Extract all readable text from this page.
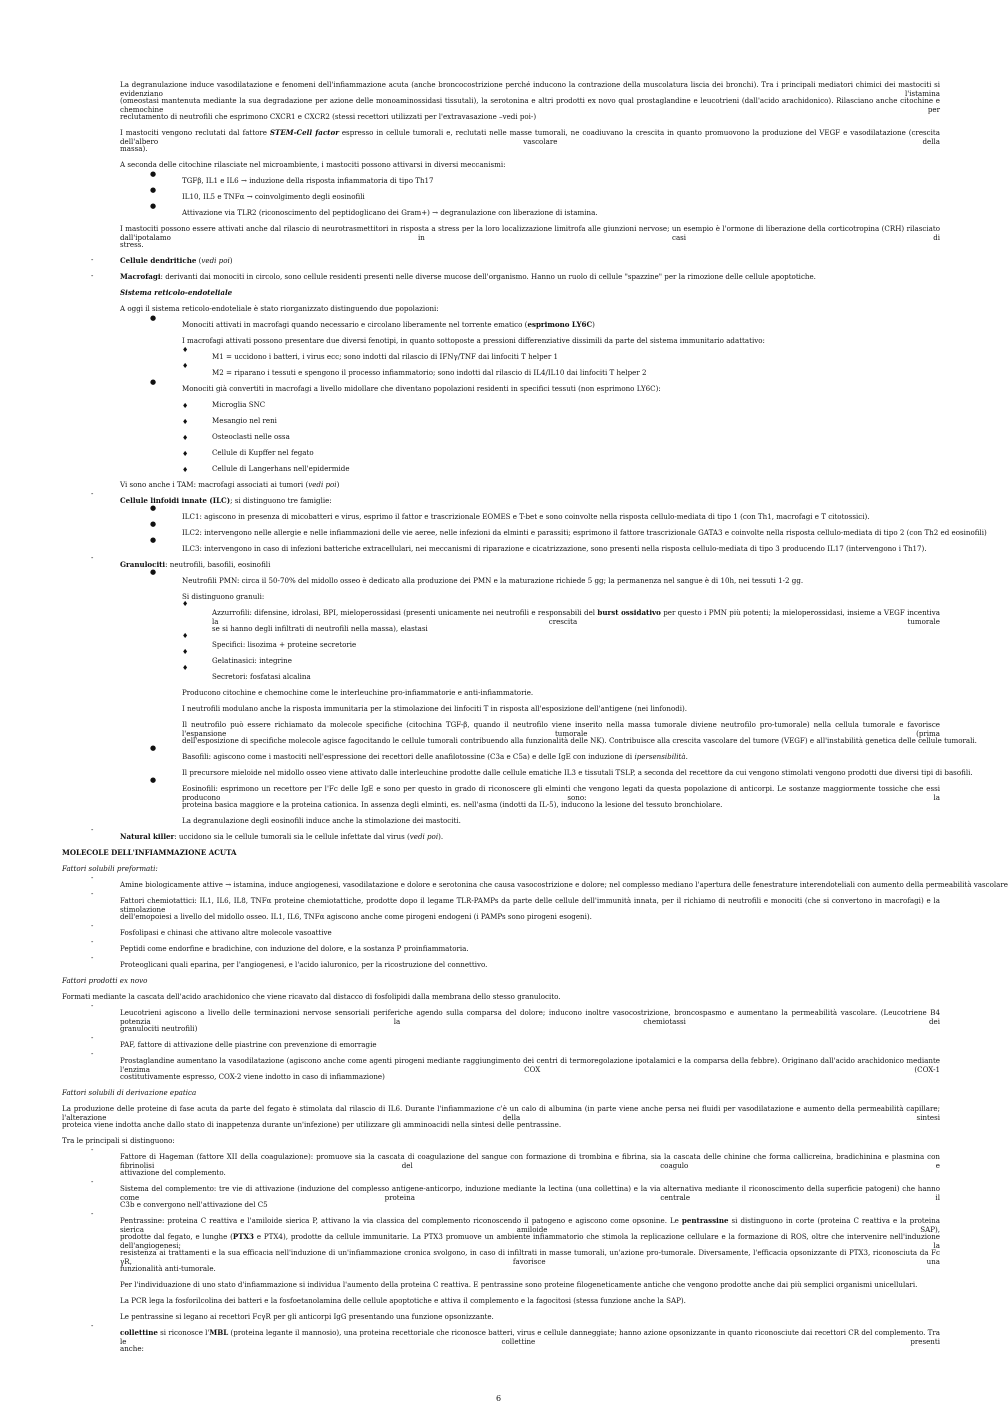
La degranulazione induce vasodilatazione e fenomeni dell'infiammazione acuta (anche broncocostrizione perché inducono la contrazione della muscolatura liscia dei bronchi). Tra i principali mediatori chimici dei mastociti si evidenziano l'istamina
(omeostasi mantenuta mediante la sua degradazione per azione delle monoaminossidasi tissutali), la serotonina e altri prodotti ex novo qual prostaglandine e leucotrieni (dall'acido arachidonico). Rilasciano anche citochine e chemochine per
reclutamento di neutrofili che esprimono CXCR1 e CXCR2 (stessi recettori utilizzati per l'extravasazione –vedi poi-)
I mastociti vengono reclutati dal fattore STEM-Cell factor espresso in cellule tumorali e, reclutati nelle masse tumorali, ne coadiuvano la crescita in quanto promuovono la produzione del VEGF e vasodilatazione (crescita dell'albero vascolare della
massa).
A seconda delle citochine rilasciate nel microambiente, i mastociti possono attivarsi in diversi meccanismi:
TGFβ, IL1 e IL6 → induzione della risposta infiammatoria di tipo Th17
IL10, IL5 e TNFα → coinvolgimento degli eosinofili
Attivazione via TLR2 (riconoscimento del peptidoglicano dei Gram+) → degranulazione con liberazione di istamina.
I mastociti possono essere attivati anche dal rilascio di neurotrasmettitori in risposta a stress per la loro localizzazione limitrofa alle giunzioni nervose; un esempio è l'ormone di liberazione della corticotropina (CRH) rilasciato dall'ipotalamo in casi di
stress.
Cellule dendritiche (vedi poi)
Macrofagi: derivanti dai monociti in circolo, sono cellule residenti presenti nelle diverse mucose dell'organismo. Hanno un ruolo di cellule "spazzine" per la rimozione delle cellule apoptotiche.
Sistema reticolo-endoteliale
A oggi il sistema reticolo-endoteliale è stato riorganizzato distinguendo due popolazioni:
Monociti attivati in macrofagi quando necessario e circolano liberamente nel torrente ematico (esprimono LY6C)
I macrofagi attivati possono presentare due diversi fenotipi, in quanto sottoposte a pressioni differenziative dissimili da parte del sistema immunitario adattativo:
M1 = uccidono i batteri, i virus ecc; sono indotti dal rilascio di IFNγ/TNF dai linfociti T helper 1
M2 = riparano i tessuti e spengono il processo infiammatorio; sono indotti dal rilascio di IL4/IL10 dai linfociti T helper 2
Monociti già convertiti in macrofagi a livello midollare che diventano popolazioni residenti in specifici tessuti (non esprimono LY6C):
Microglia SNC
Mesangio nel reni
Osteoclasti nelle ossa
Cellule di Kupffer nel fegato
Cellule di Langerhans nell'epidermide
Vi sono anche i TAM: macrofagi associati ai tumori (vedi poi)
Cellule linfoidi innate (ILC); si distinguono tre famiglie:
ILC1: agiscono in presenza di micobatteri e virus, esprimo il fattor e trascrizionale EOMES e T-bet e sono coinvolte nella risposta cellulo-mediata di tipo 1 (con Th1, macrofagi e T citotossici).
ILC2: intervengono nelle allergie e nelle infiammazioni delle vie aeree, nelle infezioni da elminti e parassiti; esprimono il fattore trascrizionale GATA3 e coinvolte nella risposta cellulo-mediata di tipo 2 (con Th2 ed eosinofili)
ILC3: intervengono in caso di infezioni batteriche extracellulari, nei meccanismi di riparazione e cicatrizzazione, sono presenti nella risposta cellulo-mediata di tipo 3 producendo IL17 (intervengono i Th17).
Granulociti: neutrofili, basofili, eosinofili
Neutrofili PMN: circa il 50-70% del midollo osseo è dedicato alla produzione dei PMN e la maturazione richiede 5 gg; la permanenza nel sangue è di 10h, nei tessuti 1-2 gg.
Si distinguono granuli:
Azzurrofili: difensine, idrolasi, BPI, mieloperossidasi (presenti unicamente nei neutrofili e responsabili del burst ossidativo per questo i PMN più potenti; la mieloperossidasi, insieme a VEGF incentiva la crescita tumorale
se si hanno degli infiltrati di neutrofili nella massa), elastasi
Specifici: lisozima + proteine secretorie
Gelatinasici: integrine
Secretori: fosfatasi alcalina
Producono citochine e chemochine come le interleuchine pro-infiammatorie e anti-infiammatorie.
I neutrofili modulano anche la risposta immunitaria per la stimolazione dei linfociti T in risposta all'esposizione dell'antigene (nei linfonodi).
Il neutrofilo può essere richiamato da molecole specifiche (citochina TGF-β, quando il neutrofilo viene inserito nella massa tumorale diviene neutrofilo pro-tumorale) nella cellula tumorale e favorisce l'espansione tumorale (prima
dell'esposizione di specifiche molecole agisce fagocitando le cellule tumorali contribuendo alla funzionalità delle NK). Contribuisce alla crescita vascolare del tumore (VEGF) e all'instabilità genetica delle cellule tumorali.
Basofili: agiscono come i mastociti nell'espressione dei recettori delle anafilotossine (C3a e C5a) e delle IgE con induzione di ipersensibilità.
Il precursore mieloide nel midollo osseo viene attivato dalle interleuchine prodotte dalle cellule ematiche IL3 e tissutali TSLP, a seconda del recettore da cui vengono stimolati vengono prodotti due diversi tipi di basofili.
Eosinofili: esprimono un recettore per l'Fc delle IgE e sono per questo in grado di riconoscere gli elminti che vengono legati da questa popolazione di anticorpi. Le sostanze maggiormente tossiche che essi producono sono: la
proteina basica maggiore e la proteina cationica. In assenza degli elminti, es. nell'asma (indotti da IL-5), inducono la lesione del tessuto bronchiolare.
La degranulazione degli eosinofili induce anche la stimolazione dei mastociti.
Natural killer: uccidono sia le cellule tumorali sia le cellule infettate dal virus (vedi poi).
MOLECOLE DELL'INFIAMMAZIONE ACUTA
Fattori solubili preformati:
Amine biologicamente attive → istamina, induce angiogenesi, vasodilatazione e dolore e serotonina che causa vasocostrizione e dolore; nel complesso mediano l'apertura delle fenestrature interendoteliali con aumento della permeabilità vascolare
Fattori chemiotattici: IL1, IL6, IL8, TNFα proteine chemiotattiche, prodotte dopo il legame TLR-PAMPs da parte delle cellule dell'immunità innata, per il richiamo di neutrofili e monociti (che si convertono in macrofagi) e la stimolazione
dell'emopoiesi a livello del midollo osseo. IL1, IL6, TNFα agiscono anche come pirogeni endogeni (i PAMPs sono pirogeni esogeni).
Fosfolipasi e chinasi che attivano altre molecole vasoattive
Peptidi come endorfine e bradichine, con induzione del dolore, e la sostanza P proinfiammatoria.
Proteoglicani quali eparina, per l'angiogenesi, e l'acido ialuronico, per la ricostruzione del connettivo.
Fattori prodotti ex novo
Formati mediante la cascata dell'acido arachidonico che viene ricavato dal distacco di fosfolipidi dalla membrana dello stesso granulocito.
Leucotrieni agiscono a livello delle terminazioni nervose sensoriali periferiche agendo sulla comparsa del dolore; inducono inoltre vasocostrizione, broncospasmo e aumentano la permeabilità vascolare. (Leucotriene B4 potenzia la chemiotassi dei
granulociti neutrofili)
PAF, fattore di attivazione delle piastrine con prevenzione di emorragie
Prostaglandine aumentano la vasodilatazione (agiscono anche come agenti pirogeni mediante raggiungimento dei centri di termoregolazione ipotalamici e la comparsa della febbre). Originano dall'acido arachidonico mediante l'enzima COX (COX-1
costitutivamente espresso, COX-2 viene indotto in caso di infiammazione)
Fattori solubili di derivazione epatica
La produzione delle proteine di fase acuta da parte del fegato è stimolata dal rilascio di IL6. Durante l'infiammazione c'è un calo di albumina (in parte viene anche persa nei fluidi per vasodilatazione e aumento della permeabilità capillare; l'alterazione della sintesi
proteica viene indotta anche dallo stato di inappetenza durante un'infezione) per utilizzare gli amminoacidi nella sintesi delle pentrassine.
Tra le principali si distinguono:
Fattore di Hageman (fattore XII della coagulazione): promuove sia la cascata di coagulazione del sangue con formazione di trombina e fibrina, sia la cascata delle chinine che forma callicreina, bradichinina e plasmina con fibrinolisi del coagulo e
attivazione del complemento.
Sistema del complemento: tre vie di attivazione (induzione del complesso antigene-anticorpo, induzione mediante la lectina (una collettina) e la via alternativa mediante il riconoscimento della superficie patogeni) che hanno come proteina centrale il
C3b e convergono nell'attivazione del C5
Pentrassine: proteina C reattiva e l'amiloide sierica P, attivano la via classica del complemento riconoscendo il patogeno e agiscono come opsonine. Le pentrassine si distinguono in corte (proteina C reattiva e la proteina sierica amiloide SAP),
prodotte dal fegato, e lunghe (PTX3 e PTX4), prodotte da cellule immunitarie. La PTX3 promuove un ambiente infiammatorio che stimola la replicazione cellulare e la formazione di ROS, oltre che intervenire nell'induzione dell'angiogenesi; la
resistenza ai trattamenti e la sua efficacia nell'induzione di un'infiammazione cronica svolgono, in caso di infiltrati in masse tumorali, un'azione pro-tumorale. Diversamente, l'efficacia opsonizzante di PTX3, riconosciuta da Fc γR, favorisce una
funzionalità anti-tumorale.
Per l'individuazione di uno stato d'infiammazione si individua l'aumento della proteina C reattiva. E pentrassine sono proteine filogeneticamente antiche che vengono prodotte anche dai più semplici organismi unicellulari.
La PCR lega la fosforilcolina dei batteri e la fosfoetanolamina delle cellule apoptotiche e attiva il complemento e la fagocitosi (stessa funzione anche la SAP).
Le pentrassine si legano ai recettori FcγR per gli anticorpi IgG presentando una funzione opsonizzante.
collettine si riconosce l'MBL (proteina legante il mannosio), una proteina recettoriale che riconosce batteri, virus e cellule danneggiate; hanno azione opsonizzante in quanto riconosciute dai recettori CR del complemento. Tra le collettine presenti
anche:
●
●
●
-
-
●
♦
♦
●
♦
♦
♦
♦
♦
-
●
●
●
-
●
♦
♦
♦
♦
●
●
-
-
-
-
-
-
-
-
-
-
-
-
-
6
